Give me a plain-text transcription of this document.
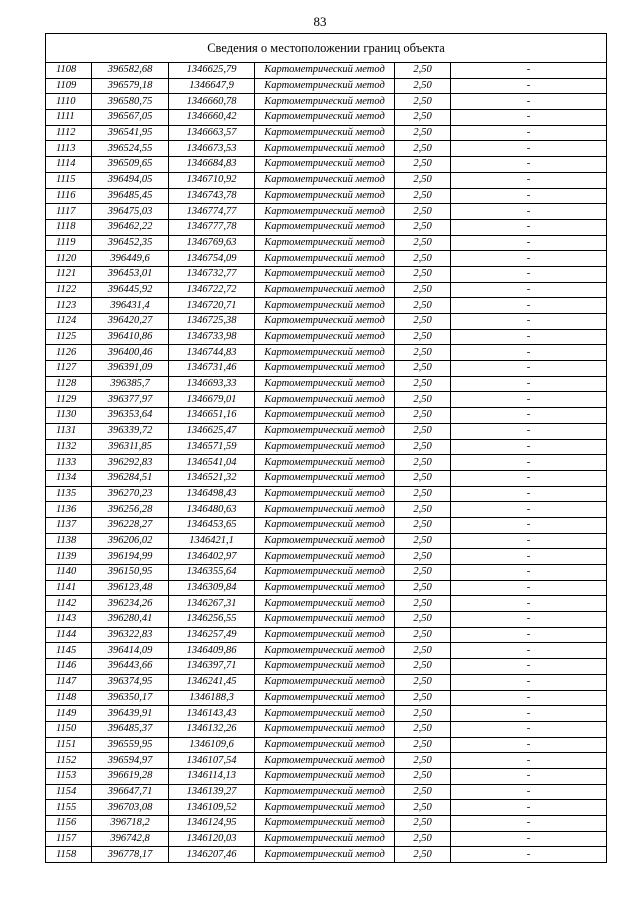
83
Сведения о местоположении границ объекта					
1108	396582,68	1346625,79	Картометрический метод	2,50	-
1109	396579,18	1346647,9	Картометрический метод	2,50	-
1110	396580,75	1346660,78	Картометрический метод	2,50	-
1111	396567,05	1346660,42	Картометрический метод	2,50	-
1112	396541,95	1346663,57	Картометрический метод	2,50	-
1113	396524,55	1346673,53	Картометрический метод	2,50	-
1114	396509,65	1346684,83	Картометрический метод	2,50	-
1115	396494,05	1346710,92	Картометрический метод	2,50	-
1116	396485,45	1346743,78	Картометрический метод	2,50	-
1117	396475,03	1346774,77	Картометрический метод	2,50	-
1118	396462,22	1346777,78	Картометрический метод	2,50	-
1119	396452,35	1346769,63	Картометрический метод	2,50	-
1120	396449,6	1346754,09	Картометрический метод	2,50	-
1121	396453,01	1346732,77	Картометрический метод	2,50	-
1122	396445,92	1346722,72	Картометрический метод	2,50	-
1123	396431,4	1346720,71	Картометрический метод	2,50	-
1124	396420,27	1346725,38	Картометрический метод	2,50	-
1125	396410,86	1346733,98	Картометрический метод	2,50	-
1126	396400,46	1346744,83	Картометрический метод	2,50	-
1127	396391,09	1346731,46	Картометрический метод	2,50	-
1128	396385,7	1346693,33	Картометрический метод	2,50	-
1129	396377,97	1346679,01	Картометрический метод	2,50	-
1130	396353,64	1346651,16	Картометрический метод	2,50	-
1131	396339,72	1346625,47	Картометрический метод	2,50	-
1132	396311,85	1346571,59	Картометрический метод	2,50	-
1133	396292,83	1346541,04	Картометрический метод	2,50	-
1134	396284,51	1346521,32	Картометрический метод	2,50	-
1135	396270,23	1346498,43	Картометрический метод	2,50	-
1136	396256,28	1346480,63	Картометрический метод	2,50	-
1137	396228,27	1346453,65	Картометрический метод	2,50	-
1138	396206,02	1346421,1	Картометрический метод	2,50	-
1139	396194,99	1346402,97	Картометрический метод	2,50	-
1140	396150,95	1346355,64	Картометрический метод	2,50	-
1141	396123,48	1346309,84	Картометрический метод	2,50	-
1142	396234,26	1346267,31	Картометрический метод	2,50	-
1143	396280,41	1346256,55	Картометрический метод	2,50	-
1144	396322,83	1346257,49	Картометрический метод	2,50	-
1145	396414,09	1346409,86	Картометрический метод	2,50	-
1146	396443,66	1346397,71	Картометрический метод	2,50	-
1147	396374,95	1346241,45	Картометрический метод	2,50	-
1148	396350,17	1346188,3	Картометрический метод	2,50	-
1149	396439,91	1346143,43	Картометрический метод	2,50	-
1150	396485,37	1346132,26	Картометрический метод	2,50	-
1151	396559,95	1346109,6	Картометрический метод	2,50	-
1152	396594,97	1346107,54	Картометрический метод	2,50	-
1153	396619,28	1346114,13	Картометрический метод	2,50	-
1154	396647,71	1346139,27	Картометрический метод	2,50	-
1155	396703,08	1346109,52	Картометрический метод	2,50	-
1156	396718,2	1346124,95	Картометрический метод	2,50	-
1157	396742,8	1346120,03	Картометрический метод	2,50	-
1158	396778,17	1346207,46	Картометрический метод	2,50	-
